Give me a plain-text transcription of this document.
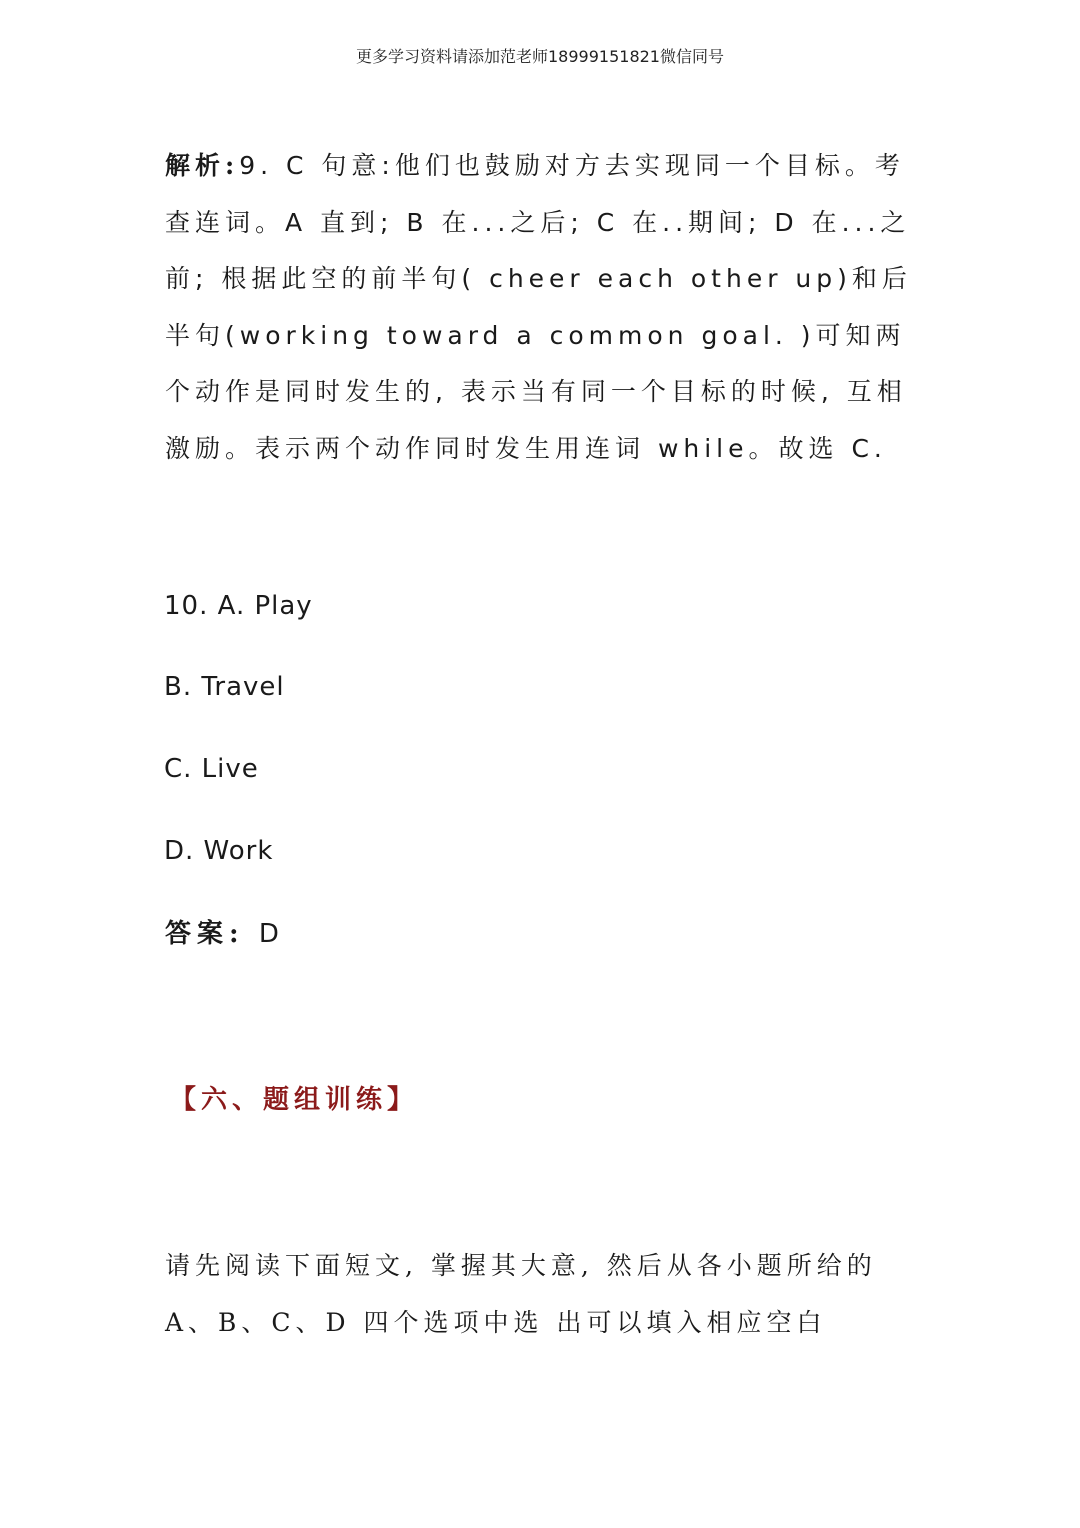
更多学习资料请添加范老师18999151821微信同号
解析:9. C 句意:他们也鼓励对方去实现同一个目标。考查连词。A 直到; B 在...之后; C 在..期间; D 在...之前; 根据此空的前半句( cheer each other up)和后半句(working toward a common goal. )可知两个动作是同时发生的, 表示当有同一个目标的时候, 互相激励。表示两个动作同时发生用连词 while。故选 C.
10. A. Play
B. Travel
C. Live
D. Work
答案: D
【六、题组训练】
请先阅读下面短文, 掌握其大意, 然后从各小题所给的 A、B、C、D 四个选项中选 出可以填入相应空白
